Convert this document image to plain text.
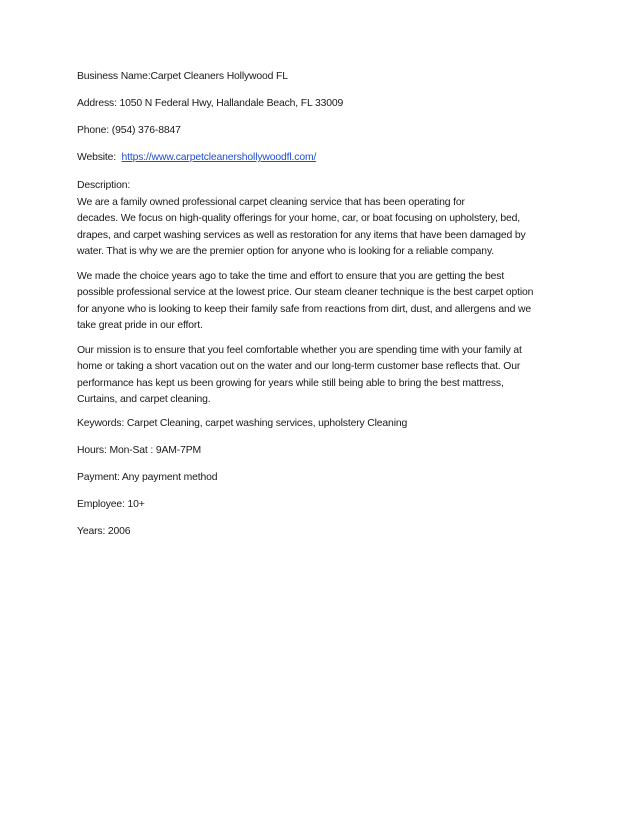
Business Name:Carpet Cleaners Hollywood FL

Address: 1050 N Federal Hwy, Hallandale Beach, FL 33009

Phone: (954) 376-8847

Website: https://www.carpetcleanershollywoodfl.com/

Description:
We are a family owned professional carpet cleaning service that has been operating for
decades. We focus on high-quality offerings for your home, car, or boat focusing on upholstery, bed,
drapes, and carpet washing services as well as restoration for any items that have been damaged by
water. That is why we are the premier option for anyone who is looking for a reliable company.
We made the choice years ago to take the time and effort to ensure that you are getting the best
possible professional service at the lowest price. Our steam cleaner technique is the best carpet option
for anyone who is looking to keep their family safe from reactions from dirt, dust, and allergens and we
take great pride in our effort.
Our mission is to ensure that you feel comfortable whether you are spending time with your family at
home or taking a short vacation out on the water and our long-term customer base reflects that. Our
performance has kept us been growing for years while still being able to bring the best mattress,
Curtains, and carpet cleaning.

Keywords: Carpet Cleaning, carpet washing services, upholstery Cleaning

Hours: Mon-Sat : 9AM-7PM

Payment: Any payment method

Employee: 10+

Years: 2006
